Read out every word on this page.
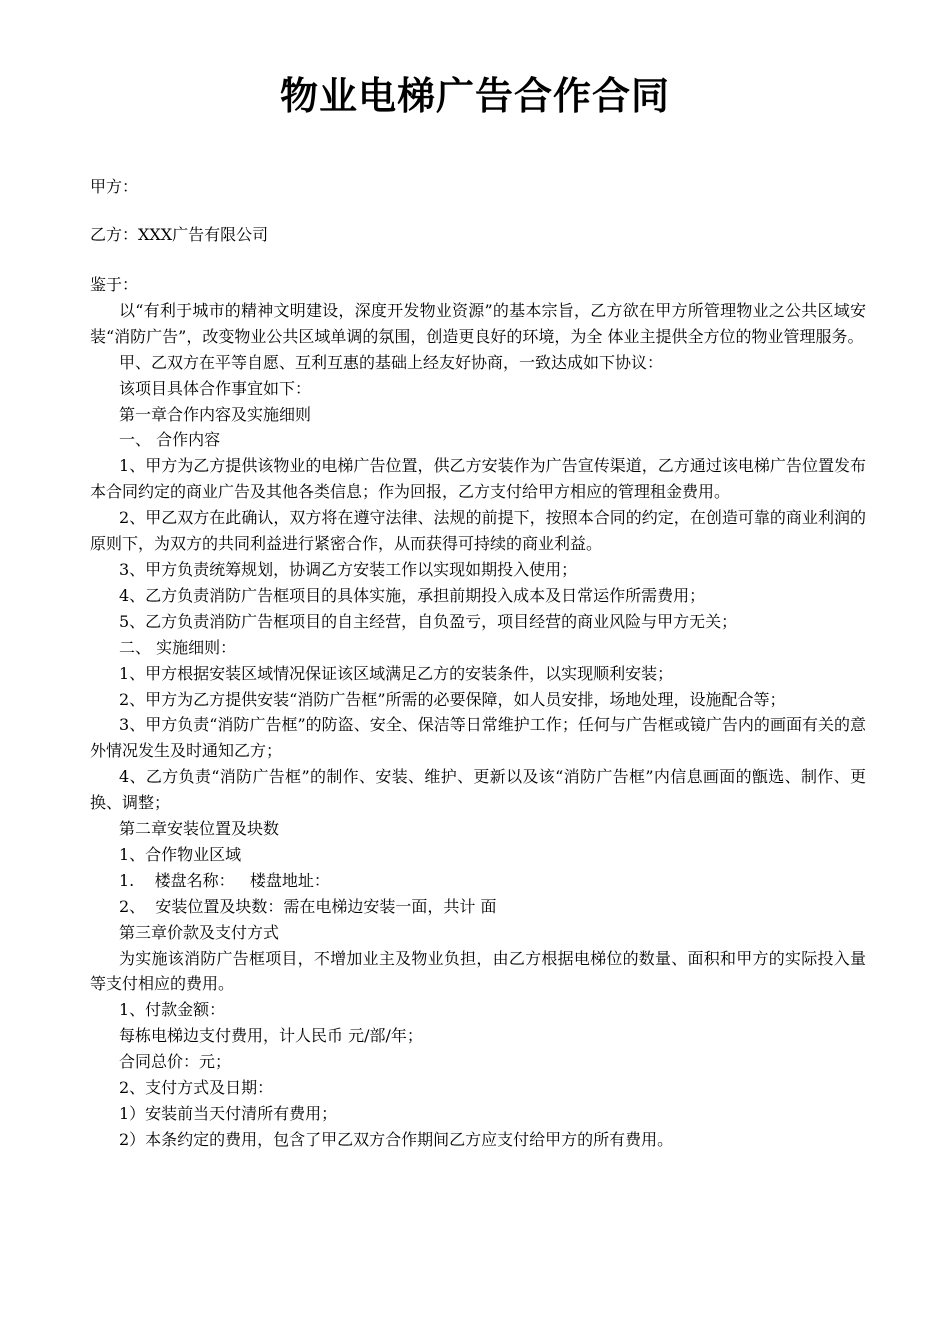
物业电梯广告合作合同

甲方：

乙方：XXX广告有限公司

鉴于：

以“有利于城市的精神文明建设，深度开发物业资源”的基本宗旨，乙方欲在甲方所管理物业之公共区域安装“消防广告”，改变物业公共区域单调的氛围，创造更良好的环境，为全 体业主提供全方位的物业管理服务。

甲、乙双方在平等自愿、互利互惠的基础上经友好协商，一致达成如下协议：

该项目具体合作事宜如下：

第一章合作内容及实施细则

一、 合作内容

1、甲方为乙方提供该物业的电梯广告位置，供乙方安装作为广告宣传渠道，乙方通过该电梯广告位置发布本合同约定的商业广告及其他各类信息；作为回报，乙方支付给甲方相应的管理租金费用。

2、甲乙双方在此确认，双方将在遵守法律、法规的前提下，按照本合同的约定，在创造可靠的商业利润的原则下，为双方的共同利益进行紧密合作，从而获得可持续的商业利益。

3、甲方负责统筹规划，协调乙方安装工作以实现如期投入使用；

4、乙方负责消防广告框项目的具体实施，承担前期投入成本及日常运作所需费用；

5、乙方负责消防广告框项目的自主经营，自负盈亏，项目经营的商业风险与甲方无关；

二、 实施细则：

1、甲方根据安装区域情况保证该区域满足乙方的安装条件，以实现顺利安装；

2、甲方为乙方提供安装“消防广告框”所需的必要保障，如人员安排，场地处理，设施配合等；

3、甲方负责“消防广告框”的防盗、安全、保洁等日常维护工作；任何与广告框或镜广告内的画面有关的意外情况发生及时通知乙方；

4、乙方负责“消防广告框”的制作、安装、维护、更新以及该“消防广告框”内信息画面的甑选、制作、更换、调整；

第二章安装位置及块数

1、合作物业区域

1.    楼盘名称：   楼盘地址：

2、  安装位置及块数：需在电梯边安装一面，共计 面

第三章价款及支付方式

为实施该消防广告框项目，不增加业主及物业负担，由乙方根据电梯位的数量、面积和甲方的实际投入量等支付相应的费用。

1、付款金额：

每栋电梯边支付费用，计人民币 元/部/年；

合同总价：元；

2、支付方式及日期：

1）安装前当天付清所有费用；

2）本条约定的费用，包含了甲乙双方合作期间乙方应支付给甲方的所有费用。
